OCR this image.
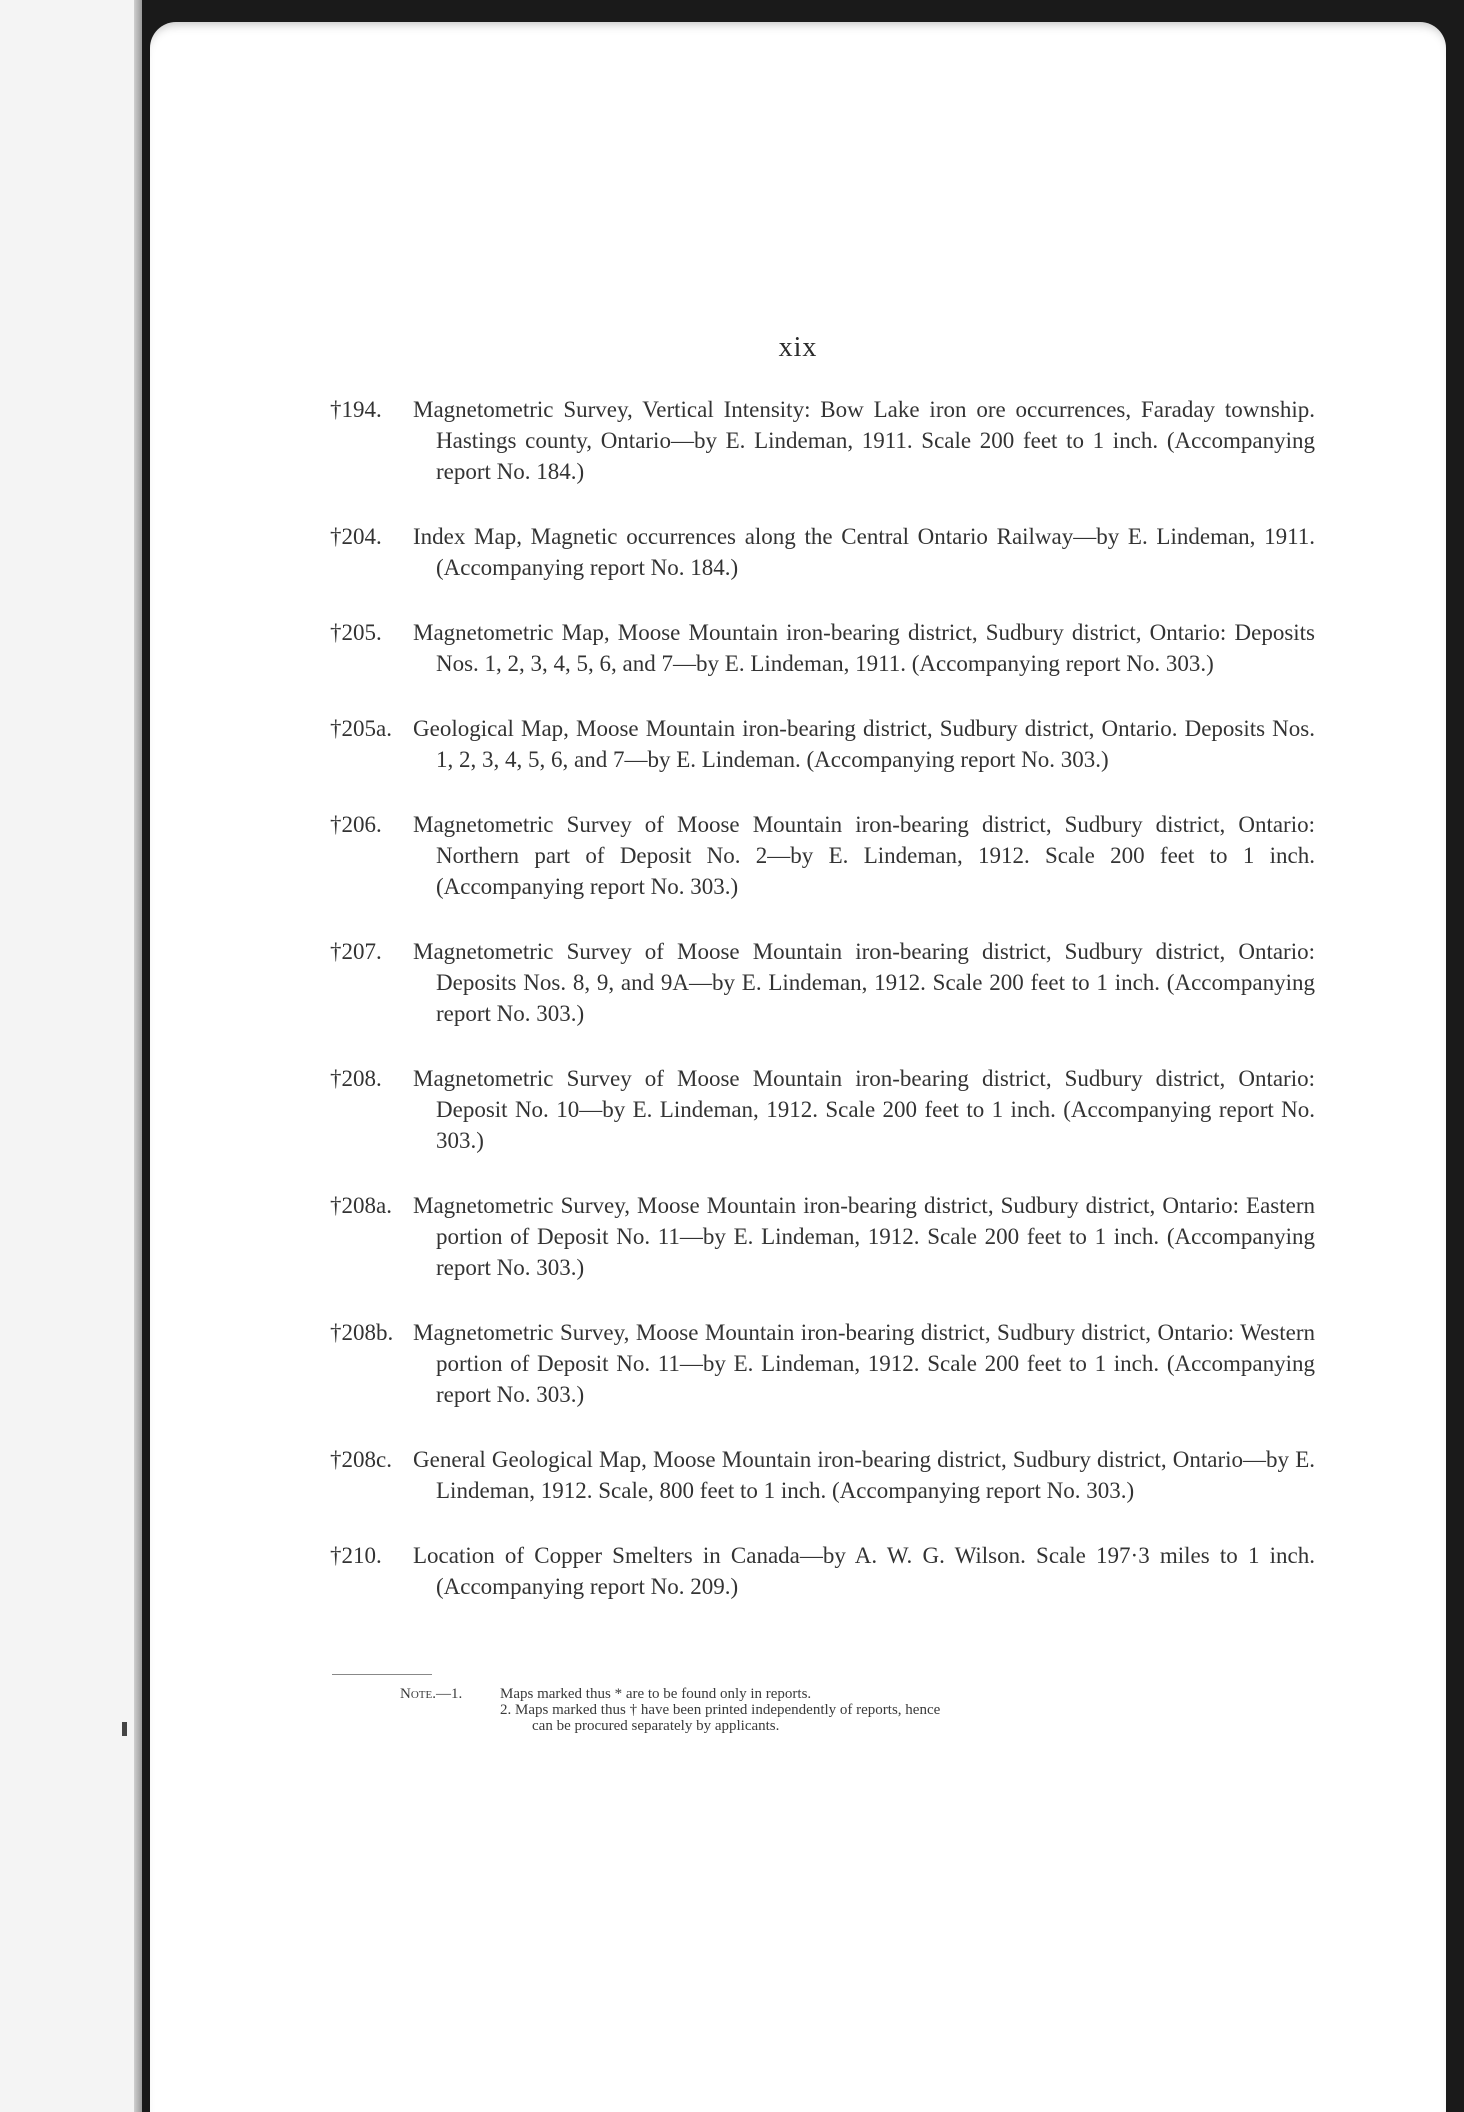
xix
†194. Magnetometric Survey, Vertical Intensity: Bow Lake iron ore occurrences, Faraday township. Hastings county, Ontario—by E. Lindeman, 1911. Scale 200 feet to 1 inch. (Accompanying report No. 184.)
†204. Index Map, Magnetic occurrences along the Central Ontario Railway—by E. Lindeman, 1911. (Accompanying report No. 184.)
†205. Magnetometric Map, Moose Mountain iron-bearing district, Sudbury district, Ontario: Deposits Nos. 1, 2, 3, 4, 5, 6, and 7—by E. Lindeman, 1911. (Accompanying report No. 303.)
†205a. Geological Map, Moose Mountain iron-bearing district, Sudbury district, Ontario. Deposits Nos. 1, 2, 3, 4, 5, 6, and 7—by E. Lindeman. (Accompanying report No. 303.)
†206. Magnetometric Survey of Moose Mountain iron-bearing district, Sudbury district, Ontario: Northern part of Deposit No. 2—by E. Lindeman, 1912. Scale 200 feet to 1 inch. (Accompanying report No. 303.)
†207. Magnetometric Survey of Moose Mountain iron-bearing district, Sudbury district, Ontario: Deposits Nos. 8, 9, and 9A—by E. Lindeman, 1912. Scale 200 feet to 1 inch. (Accompanying report No. 303.)
†208. Magnetometric Survey of Moose Mountain iron-bearing district, Sudbury district, Ontario: Deposit No. 10—by E. Lindeman, 1912. Scale 200 feet to 1 inch. (Accompanying report No. 303.)
†208a. Magnetometric Survey, Moose Mountain iron-bearing district, Sudbury district, Ontario: Eastern portion of Deposit No. 11—by E. Lindeman, 1912. Scale 200 feet to 1 inch. (Accompanying report No. 303.)
†208b. Magnetometric Survey, Moose Mountain iron-bearing district, Sudbury district, Ontario: Western portion of Deposit No. 11—by E. Lindeman, 1912. Scale 200 feet to 1 inch. (Accompanying report No. 303.)
†208c. General Geological Map, Moose Mountain iron-bearing district, Sudbury district, Ontario—by E. Lindeman, 1912. Scale, 800 feet to 1 inch. (Accompanying report No. 303.)
†210. Location of Copper Smelters in Canada—by A. W. G. Wilson. Scale 197·3 miles to 1 inch. (Accompanying report No. 209.)
Note.—1.	Maps marked thus * are to be found only in reports.
2. Maps marked thus † have been printed independently of reports, hence
can be procured separately by applicants.
